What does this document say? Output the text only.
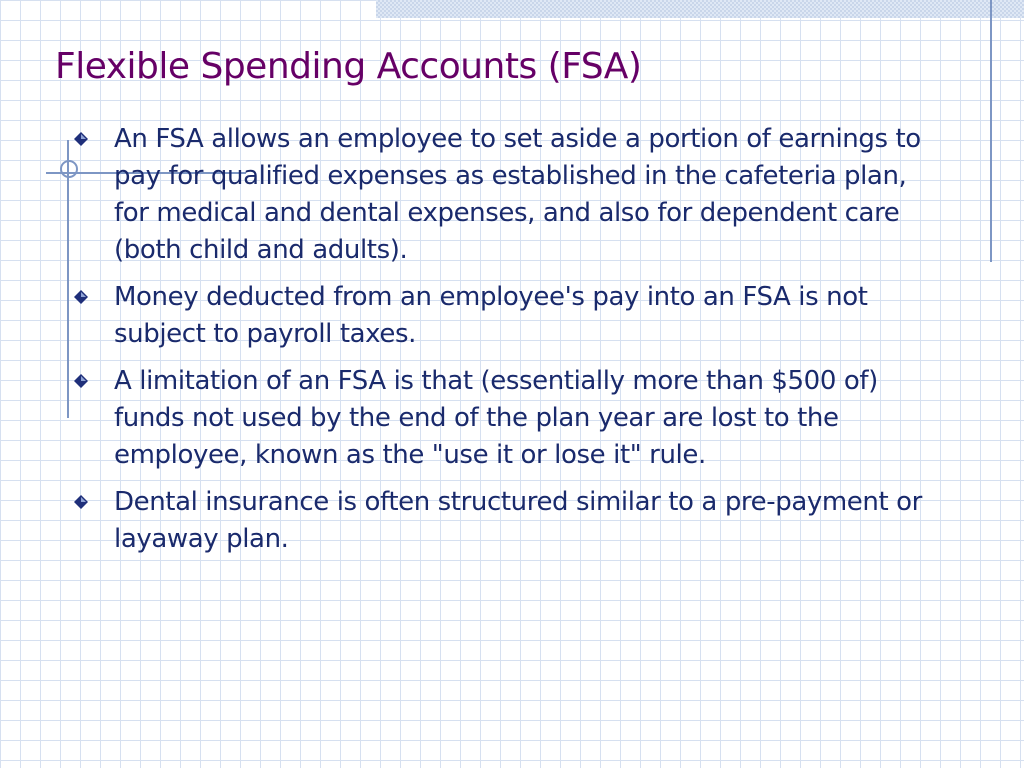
Flexible Spending Accounts (FSA)
An FSA allows an employee to set aside a portion of earnings to pay for qualified expenses as established in the cafeteria plan, for medical and dental expenses, and also for dependent care (both child and adults).
Money deducted from an employee's pay into an FSA is not subject to payroll taxes.
A limitation of an FSA is that (essentially more than $500 of) funds not used by the end of the plan year are lost to the employee, known as the "use it or lose it" rule.
Dental insurance is often structured similar to a pre-payment or layaway plan.
